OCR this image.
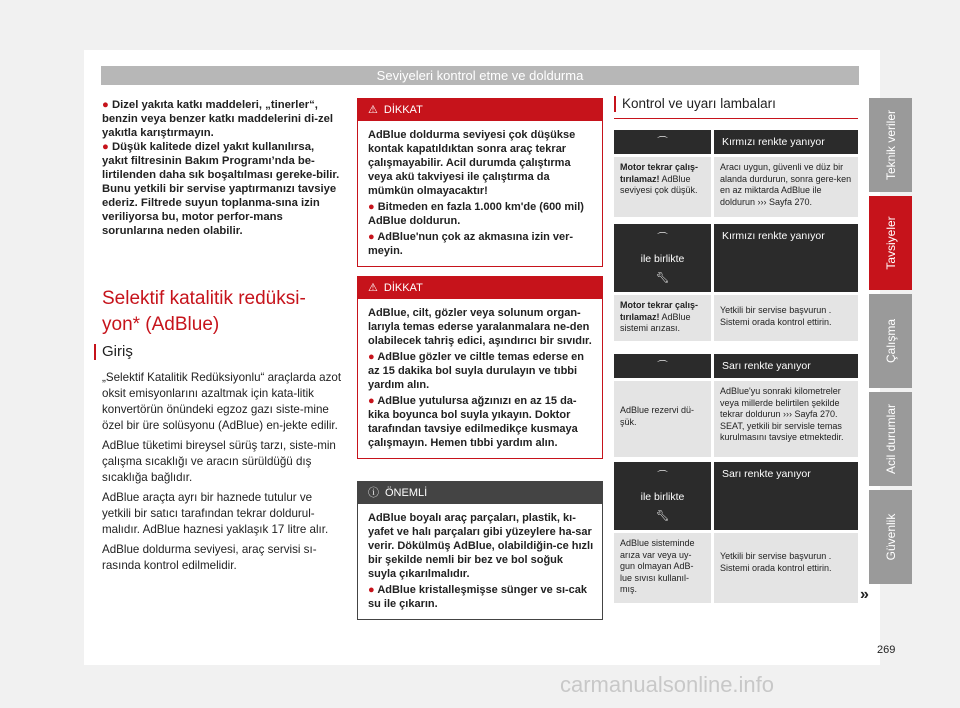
Seviyeleri kontrol etme ve doldurma

● Dizel yakıta katkı maddeleri, „tinerler“, benzin veya benzer katkı maddelerini di-zel yakıtla karıştırmayın.

● Düşük kalitede dizel yakıt kullanılırsa, yakıt filtresinin Bakım Programı’nda be-lirtilenden daha sık boşaltılması gereke-bilir. Bunu yetkili bir servise yaptırmanızı tavsiye ederiz. Filtrede suyun toplanma-sına izin veriliyorsa bu, motor perfor-mans sorunlarına neden olabilir.

Selektif katalitik redüksi-yon* (AdBlue)
Giriş

„Selektif Katalitik Redüksiyonlu“ araçlarda azot oksit emisyonlarını azaltmak için kata-litik konvertörün önündeki egzoz gazı siste-mine özel bir üre solüsyonu (AdBlue) en-jekte edilir.

AdBlue tüketimi bireysel sürüş tarzı, siste-min çalışma sıcaklığı ve aracın sürüldüğü dış sıcaklığa bağlıdır.

AdBlue araçta ayrı bir haznede tutulur ve yetkili bir satıcı tarafından tekrar doldurul-malıdır. AdBlue haznesi yaklaşık 17 litre alır.

AdBlue doldurma seviyesi, araç servisi sı-rasında kontrol edilmelidir.

⚠ DİKKAT

AdBlue doldurma seviyesi çok düşükse kontak kapatıldıktan sonra araç tekrar çalışmayabilir. Acil durumda çalıştırma veya akü takviyesi ile çalıştırma da mümkün olmayacaktır!

● Bitmeden en fazla 1.000 km'de (600 mil) AdBlue doldurun.

● AdBlue'nun çok az akmasına izin ver-meyin.

⚠ DİKKAT

AdBlue, cilt, gözler veya solunum organ-larıyla temas ederse yaralanmalara ne-den olabilecek tahriş edici, aşındırıcı bir sıvıdır.

● AdBlue gözler ve ciltle temas ederse en az 15 dakika bol suyla durulayın ve tıbbi yardım alın.

● AdBlue yutulursa ağzınızı en az 15 da-kika boyunca bol suyla yıkayın. Doktor tarafından tavsiye edilmedikçe kusmaya çalışmayın. Hemen tıbbi yardım alın.

ⓘ ÖNEMLİ

AdBlue boyalı araç parçaları, plastik, kı-yafet ve halı parçaları gibi yüzeylere ha-sar verir. Dökülmüş AdBlue, olabildiğin-ce hızlı bir şekilde nemli bir bez ve bol soğuk suyla çıkarılmalıdır.

● AdBlue kristalleşmişse sünger ve sı-cak su ile çıkarın.

Kontrol ve uyarı lambaları
⌒	Kırmızı renkte yanıyor
Motor tekrar çalış-tırılamaz! AdBlue seviyesi çok düşük.
Aracı uygun, güvenli ve düz bir alanda durdurun, sonra gere-ken en az miktarda AdBlue ile doldurun ››› Sayfa 270.
⌒
ile birlikte
🔧︎
Kırmızı renkte yanıyor
Motor tekrar çalış-tırılamaz! AdBlue sistemi arızası.
Yetkili bir servise başvurun . Sistemi orada kontrol ettirin.
⌒	Sarı renkte yanıyor
AdBlue rezervi dü-şük.
AdBlue'yu sonraki kilometreler veya millerde belirtilen şekilde tekrar doldurun ››› Sayfa 270. SEAT, yetkili bir servisle temas kurulmasını tavsiye etmektedir.
⌒
ile birlikte
🔧︎
Sarı renkte yanıyor
AdBlue sisteminde arıza var veya uy-gun olmayan AdB-lue sıvısı kullanıl-mış.
Yetkili bir servise başvurun . Sistemi orada kontrol ettirin.
»
Teknik veriler
Tavsiyeler
Çalışma
Acil durumlar
Güvenlik
269
carmanualsonline.info
